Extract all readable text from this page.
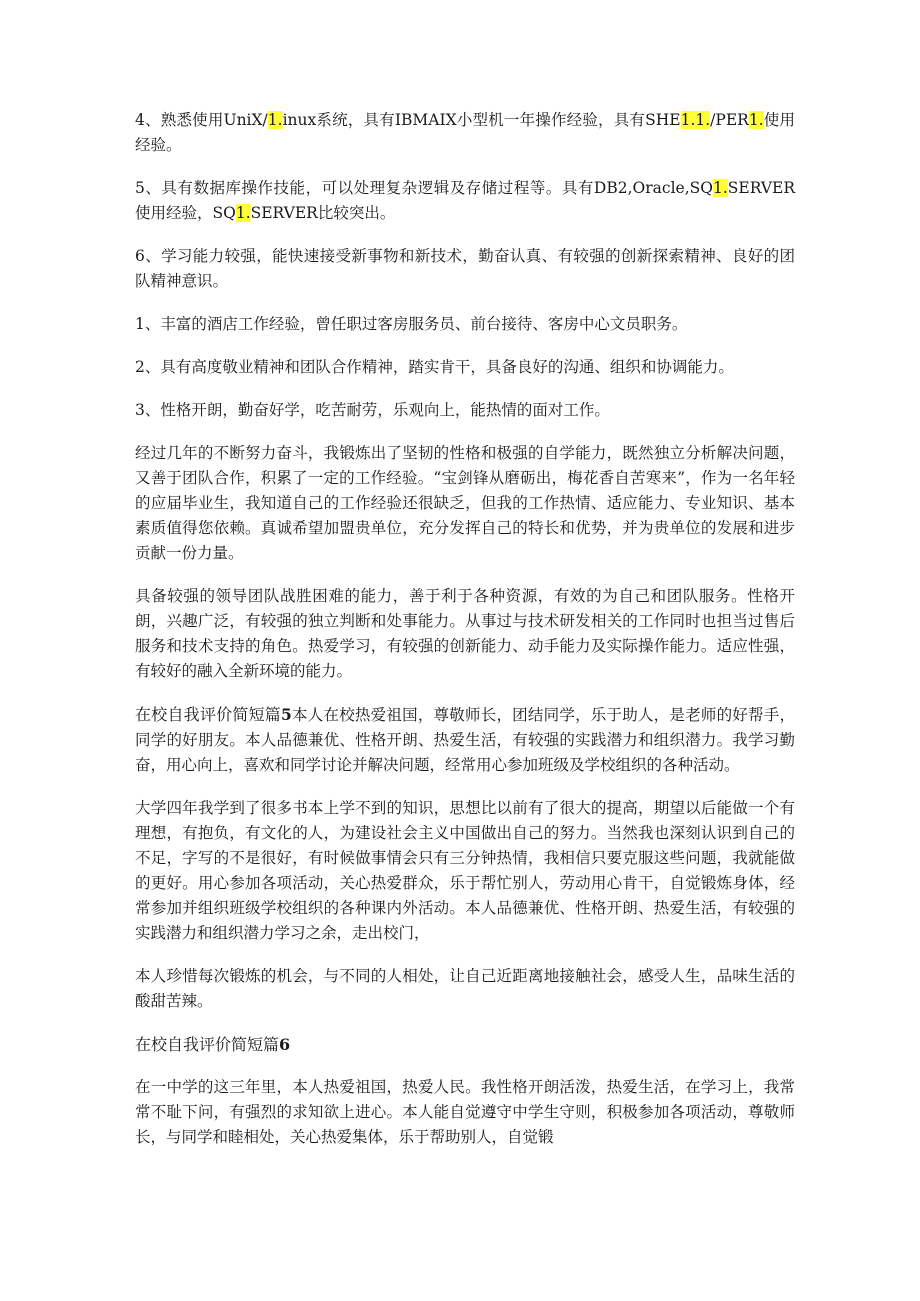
4、熟悉使用UniX/1.inux系统，具有IBMAIX小型机一年操作经验，具有SHE1.1./PER1.使用经验。

5、具有数据库操作技能，可以处理复杂逻辑及存储过程等。具有DB2,Oracle,SQ1.SERVER使用经验，SQ1.SERVER比较突出。

6、学习能力较强，能快速接受新事物和新技术，勤奋认真、有较强的创新探索精神、良好的团队精神意识。

1、丰富的酒店工作经验，曾任职过客房服务员、前台接待、客房中心文员职务。

2、具有高度敬业精神和团队合作精神，踏实肯干，具备良好的沟通、组织和协调能力。

3、性格开朗，勤奋好学，吃苦耐劳，乐观向上，能热情的面对工作。

经过几年的不断努力奋斗，我锻炼出了坚韧的性格和极强的自学能力，既然独立分析解决问题，又善于团队合作，积累了一定的工作经验。“宝剑锋从磨砺出，梅花香自苦寒来”，作为一名年轻的应届毕业生，我知道自己的工作经验还很缺乏，但我的工作热情、适应能力、专业知识、基本素质值得您依赖。真诚希望加盟贵单位，充分发挥自己的特长和优势，并为贵单位的发展和进步贡献一份力量。

具备较强的领导团队战胜困难的能力，善于利于各种资源，有效的为自己和团队服务。性格开朗，兴趣广泛，有较强的独立判断和处事能力。从事过与技术研发相关的工作同时也担当过售后服务和技术支持的角色。热爱学习，有较强的创新能力、动手能力及实际操作能力。适应性强，有较好的融入全新环境的能力。

在校自我评价简短篇5本人在校热爱祖国，尊敬师长，团结同学，乐于助人，是老师的好帮手，同学的好朋友。本人品德兼优、性格开朗、热爱生活，有较强的实践潜力和组织潜力。我学习勤奋，用心向上，喜欢和同学讨论并解决问题，经常用心参加班级及学校组织的各种活动。

大学四年我学到了很多书本上学不到的知识，思想比以前有了很大的提高，期望以后能做一个有理想，有抱负，有文化的人，为建设社会主义中国做出自己的努力。当然我也深刻认识到自己的不足，字写的不是很好，有时候做事情会只有三分钟热情，我相信只要克服这些问题，我就能做的更好。用心参加各项活动，关心热爱群众，乐于帮忙别人，劳动用心肯干，自觉锻炼身体，经常参加并组织班级学校组织的各种课内外活动。本人品德兼优、性格开朗、热爱生活，有较强的实践潜力和组织潜力学习之余，走出校门，

本人珍惜每次锻炼的机会，与不同的人相处，让自己近距离地接触社会，感受人生，品味生活的酸甜苦辣。

在校自我评价简短篇6

在一中学的这三年里，本人热爱祖国，热爱人民。我性格开朗活泼，热爱生活，在学习上，我常常不耻下问，有强烈的求知欲上进心。本人能自觉遵守中学生守则，积极参加各项活动，尊敬师长，与同学和睦相处，关心热爱集体，乐于帮助别人，自觉锻
